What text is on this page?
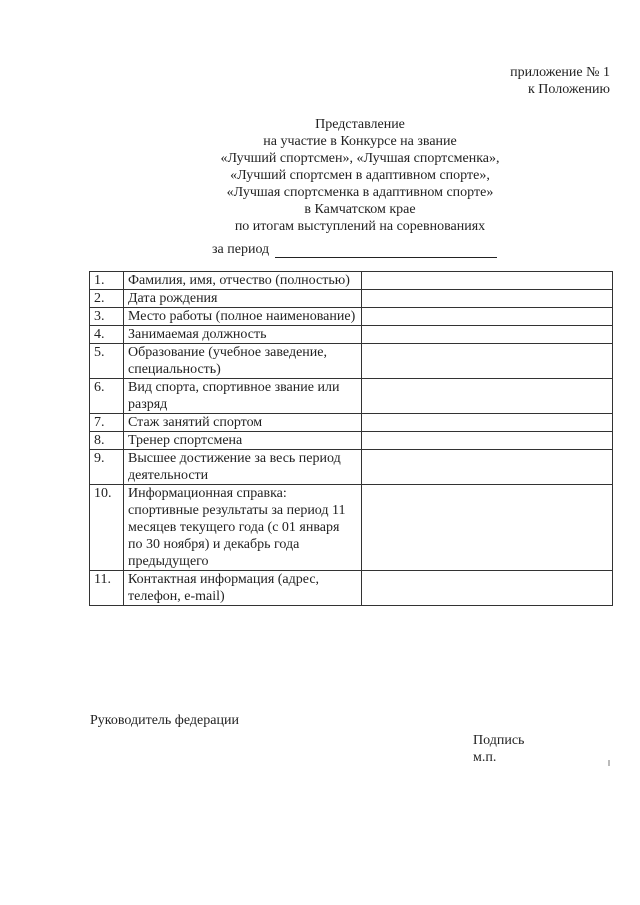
приложение № 1
к Положению
Представление
на участие в Конкурсе на звание
«Лучший спортсмен», «Лучшая спортсменка»,
«Лучший спортсмен в адаптивном спорте»,
«Лучшая спортсменка в адаптивном спорте»
в Камчатском крае
по итогам выступлений на соревнованиях
за период
1.	Фамилия, имя, отчество (полностью)	
2.	Дата рождения	
3.	Место работы (полное наименование)	
4.	Занимаемая должность	
5.	Образование (учебное заведение, специальность)	
6.	Вид спорта, спортивное звание или разряд	
7.	Стаж занятий спортом	
8.	Тренер спортсмена	
9.	Высшее достижение за весь период деятельности	
10.	Информационная справка: спортивные результаты за период 11 месяцев текущего года (с 01 января по 30 ноября) и декабрь года предыдущего	
11.	Контактная информация (адрес, телефон, e-mail)	
Руководитель федерации
Подпись
м.п.
